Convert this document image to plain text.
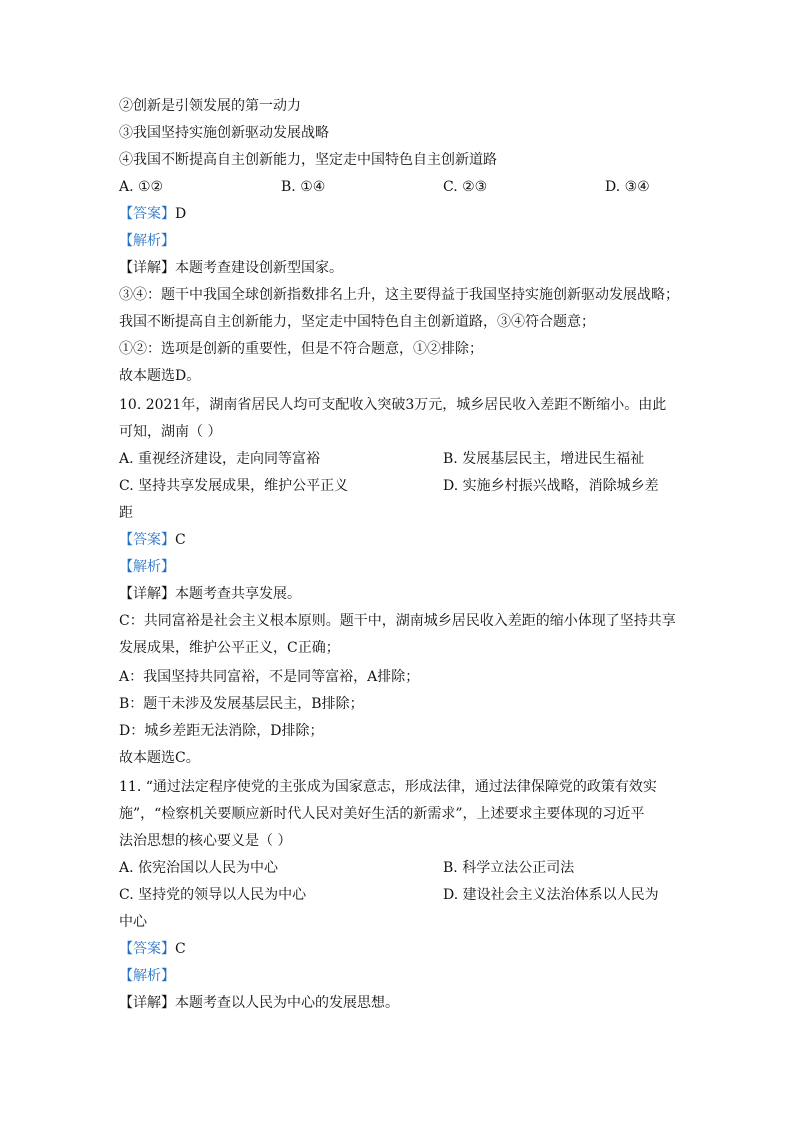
②创新是引领发展的第一动力
③我国坚持实施创新驱动发展战略
④我国不断提高自主创新能力，坚定走中国特色自主创新道路
A. ①②	B. ①④	C. ②③	D. ③④
【答案】D
【解析】
【详解】本题考查建设创新型国家。
③④：题干中我国全球创新指数排名上升，这主要得益于我国坚持实施创新驱动发展战略；
我国不断提高自主创新能力，坚定走中国特色自主创新道路，③④符合题意；
①②：选项是创新的重要性，但是不符合题意，①②排除；
故本题选D。
10. 2021年，湖南省居民人均可支配收入突破3万元，城乡居民收入差距不断缩小。由此
可知，湖南（ ）
A. 重视经济建设，走向同等富裕	B. 发展基层民主，增进民生福祉
C. 坚持共享发展成果，维护公平正义	D. 实施乡村振兴战略，消除城乡差
距
【答案】C
【解析】
【详解】本题考查共享发展。
C：共同富裕是社会主义根本原则。题干中，湖南城乡居民收入差距的缩小体现了坚持共享
发展成果，维护公平正义，C正确；
A：我国坚持共同富裕，不是同等富裕，A排除；
B：题干未涉及发展基层民主，B排除；
D：城乡差距无法消除，D排除；
故本题选C。
11. “通过法定程序使党的主张成为国家意志，形成法律，通过法律保障党的政策有效实
施”，“检察机关要顺应新时代人民对美好生活的新需求”，上述要求主要体现的习近平
法治思想的核心要义是（ ）
A. 依宪治国以人民为中心	B. 科学立法公正司法
C. 坚持党的领导以人民为中心	D. 建设社会主义法治体系以人民为
中心
【答案】C
【解析】
【详解】本题考查以人民为中心的发展思想。
